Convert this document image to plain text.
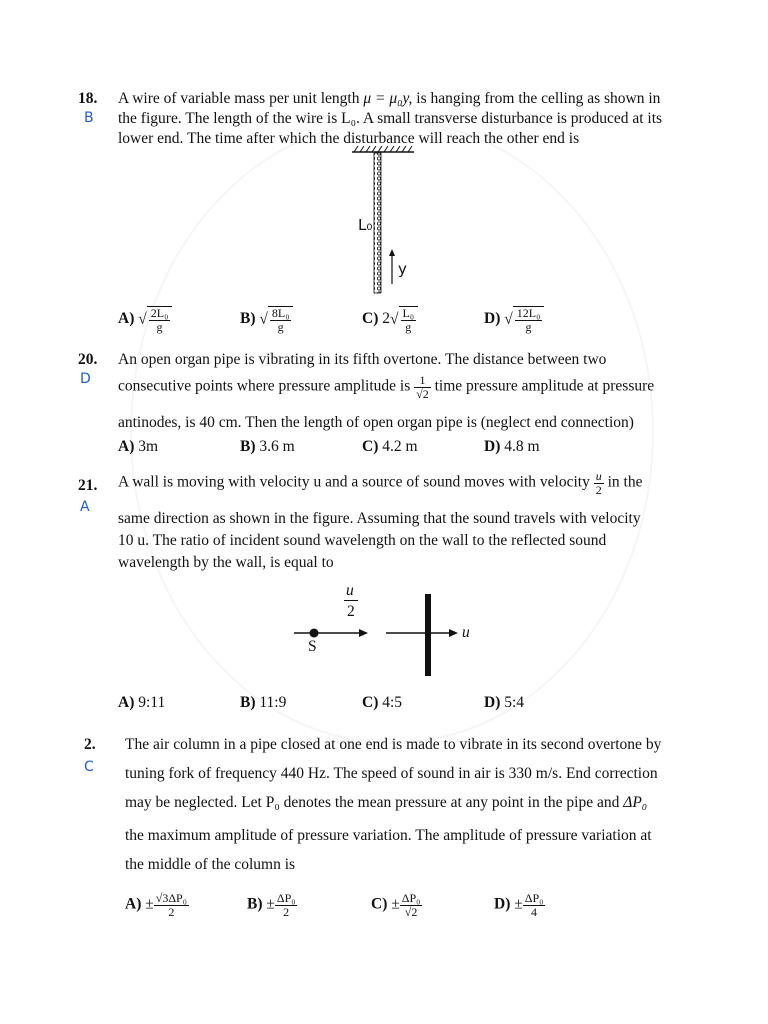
18.
B
A wire of variable mass per unit length μ = μ₀y, is hanging from the celling as shown in
the figure. The length of the wire is L₀. A small transverse disturbance is produced at its
lower end. The time after which the disturbance will reach the other end is
L₀
y
A) √ $\frac{\text{2L₀}}{g}$	B) √ $\frac{\text{8L₀}}{g}$	C) $2√ \frac{\text{L₀}}{g}$	D) √ $\frac{\text{12L₀}}{g}$
20.
D
An open organ pipe is vibrating in its fifth overtone. The distance between two
consecutive points where pressure amplitude is $\frac{1}{√2}$ time pressure amplitude at pressure
antinodes, is 40 cm. Then the length of open organ pipe is (neglect end connection)
A) 3m	B) 3.6 m	C) 4.2 m	D) 4.8 m
21.
A
A wall is moving with velocity u and a source of sound moves with velocity $\frac{u}{2}$ in the
same direction as shown in the figure. Assuming that the sound travels with velocity
10 u. The ratio of incident sound wavelength on the wall to the reflected sound
wavelength by the wall, is equal to
u
2
S
u
A) 9:11	B) 11:9	C) 4:5	D) 5:4
2.
C
The air column in a pipe closed at one end is made to vibrate in its second overtone by
tuning fork of frequency 440 Hz. The speed of sound in air is 330 m/s. End correction
may be neglected. Let P₀ denotes the mean pressure at any point in the pipe and ΔP₀
the maximum amplitude of pressure variation. The amplitude of pressure variation at
the middle of the column is
$A) \pm \frac{\text{√3ΔP₀}}{2}$	$B) \pm \frac{\text{ΔP₀}}{2}$	$C) \pm \frac{\text{ΔP₀}}{√2}$	$D) \pm \frac{\text{ΔP₀}}{4}$
